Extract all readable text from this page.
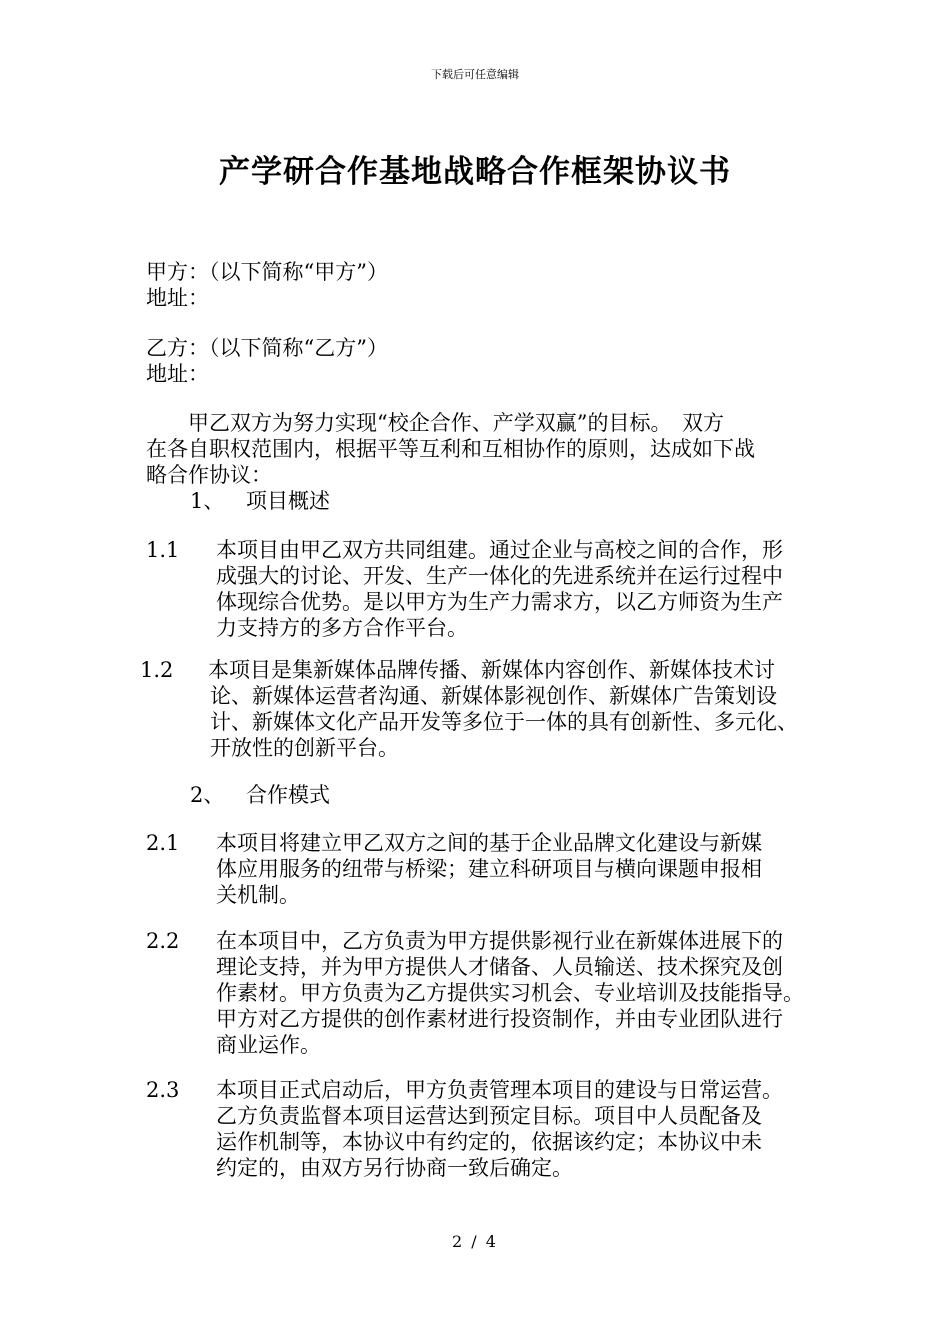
下载后可任意编辑
产学研合作基地战略合作框架协议书
甲方：（以下简称“甲方”）
地址：
乙方：（以下简称“乙方”）
地址：
　　甲乙双方为努力实现“校企合作、产学双赢”的目标。　双方
在各自职权范围内，根据平等互利和互相协作的原则，达成如下战
略合作协议：
1、 项目概述
1.1 本项目由甲乙双方共同组建。通过企业与高校之间的合作，形
成强大的讨论、开发、生产一体化的先进系统并在运行过程中
体现综合优势。是以甲方为生产力需求方，以乙方师资为生产
力支持方的多方合作平台。
1.2 本项目是集新媒体品牌传播、新媒体内容创作、新媒体技术讨
论、新媒体运营者沟通、新媒体影视创作、新媒体广告策划设
计、新媒体文化产品开发等多位于一体的具有创新性、多元化、
开放性的创新平台。
2、 合作模式
2.1 本项目将建立甲乙双方之间的基于企业品牌文化建设与新媒
体应用服务的纽带与桥梁；建立科研项目与横向课题申报相
关机制。
2.2 在本项目中，乙方负责为甲方提供影视行业在新媒体进展下的
理论支持，并为甲方提供人才储备、人员输送、技术探究及创
作素材。甲方负责为乙方提供实习机会、专业培训及技能指导。
甲方对乙方提供的创作素材进行投资制作，并由专业团队进行
商业运作。
2.3 本项目正式启动后，甲方负责管理本项目的建设与日常运营。
乙方负责监督本项目运营达到预定目标。项目中人员配备及
运作机制等，本协议中有约定的，依据该约定；本协议中未
约定的，由双方另行协商一致后确定。
2 / 4
